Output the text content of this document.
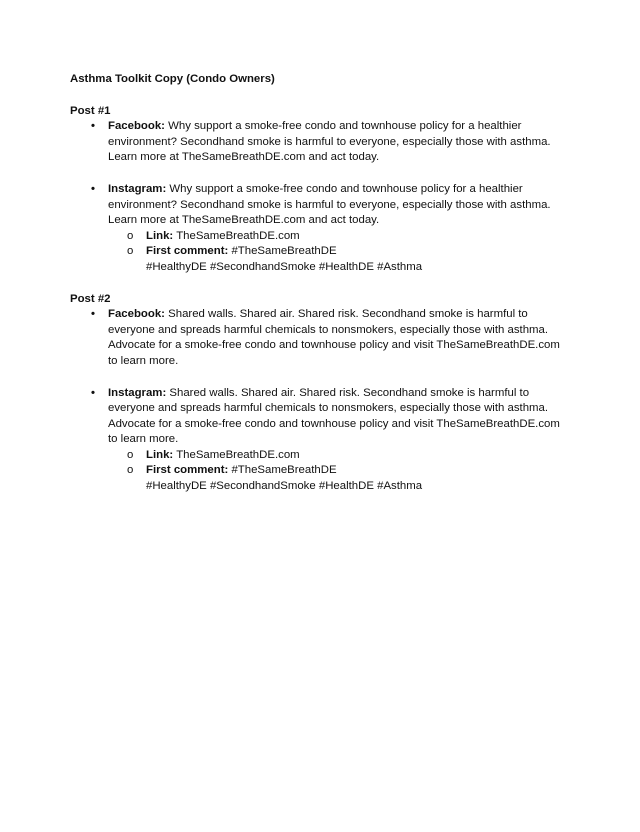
Asthma Toolkit Copy (Condo Owners)

Post #1

• Facebook: Why support a smoke-free condo and townhouse policy for a healthier environment? Secondhand smoke is harmful to everyone, especially those with asthma. Learn more at TheSameBreathDE.com and act today.
• Instagram: Why support a smoke-free condo and townhouse policy for a healthier environment? Secondhand smoke is harmful to everyone, especially those with asthma. Learn more at TheSameBreathDE.com and act today.
o Link: TheSameBreathDE.com
o First comment: #TheSameBreathDE
#HealthyDE #SecondhandSmoke #HealthDE #Asthma

Post #2

• Facebook: Shared walls. Shared air. Shared risk. Secondhand smoke is harmful to everyone and spreads harmful chemicals to nonsmokers, especially those with asthma. Advocate for a smoke-free condo and townhouse policy and visit TheSameBreathDE.com to learn more.
• Instagram: Shared walls. Shared air. Shared risk. Secondhand smoke is harmful to everyone and spreads harmful chemicals to nonsmokers, especially those with asthma. Advocate for a smoke-free condo and townhouse policy and visit TheSameBreathDE.com to learn more.
o Link: TheSameBreathDE.com
o First comment: #TheSameBreathDE
#HealthyDE #SecondhandSmoke #HealthDE #Asthma
